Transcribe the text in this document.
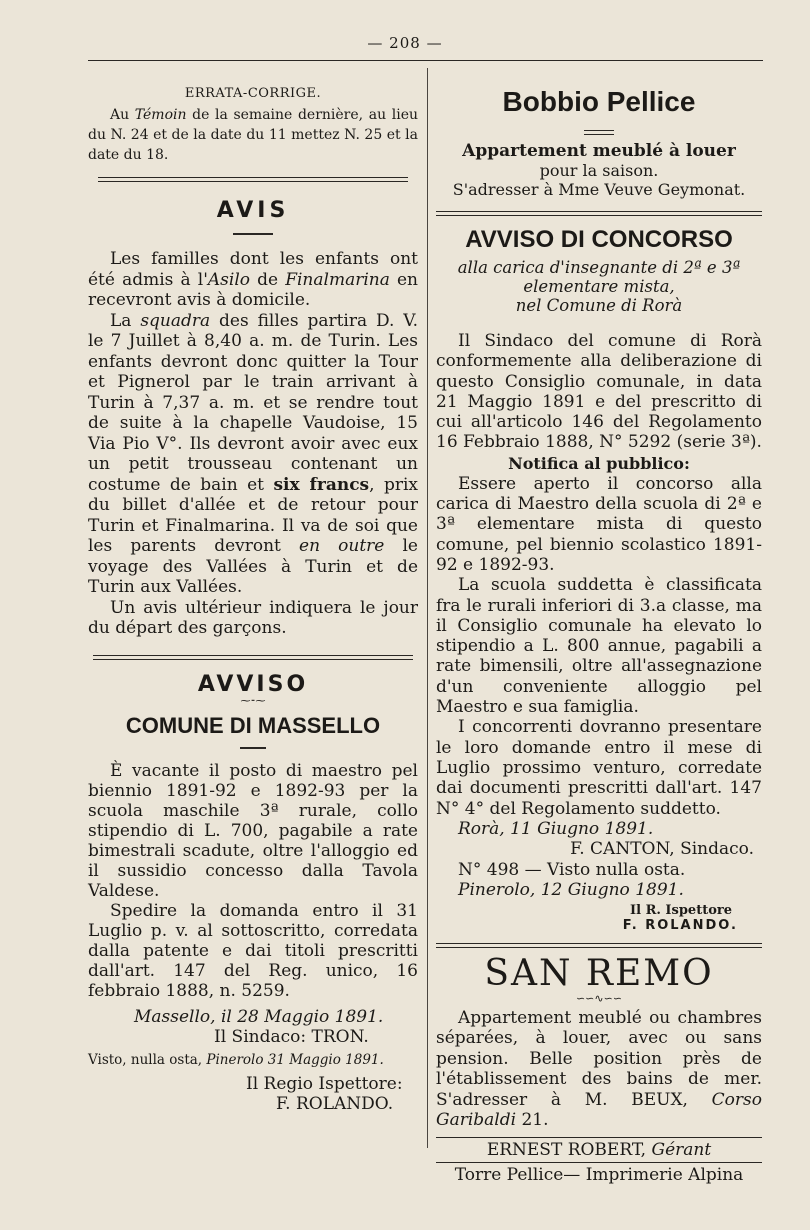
— 208 —

ERRATA-CORRIGE.

Au Témoin de la semaine dernière, au lieu du N. 24 et de la date du 11 mettez N. 25 et la date du 18.

AVIS

Les familles dont les enfants ont été admis à l'Asilo de Finalmarina en recevront avis à domicile.

La squadra des filles partira D. V. le 7 Juillet à 8,40 a. m. de Turin. Les enfants devront donc quitter la Tour et Pignerol par le train arrivant à Turin à 7,37 a. m. et se rendre tout de suite à la chapelle Vaudoise, 15 Via Pio V°. Ils devront avoir avec eux un petit trousseau contenant un costume de bain et six francs, prix du billet d'allée et de retour pour Turin et Finalmarina. Il va de soi que les parents devront en outre le voyage des Vallées à Turin et de Turin aux Vallées.

Un avis ultérieur indiquera le jour du départ des garçons.

AVVISO

⁓⁃⁓

COMUNE DI MASSELLO

È vacante il posto di maestro pel biennio 1891-92 e 1892-93 per la scuola maschile 3ª rurale, collo stipendio di L. 700, pagabile a rate bimestrali scadute, oltre l'alloggio ed il sussidio concesso dalla Tavola Valdese.

Spedire la domanda entro il 31 Luglio p. v. al sottoscritto, corredata dalla patente e dai titoli prescritti dall'art. 147 del Reg. unico, 16 febbraio 1888, n. 5259.

Massello, il 28 Maggio 1891.

Il Sindaco: TRON.

Visto, nulla osta, Pinerolo 31 Maggio 1891.

Il Regio Ispettore:

F. ROLANDO.

Bobbio Pellice

Appartement meublé à louer

pour la saison.

S'adresser à Mme Veuve Geymonat.

AVVISO DI CONCORSO

alla carica d'insegnante di 2ª e 3ª

elementare mista,

nel Comune di Rorà

Il Sindaco del comune di Rorà conformemente alla deliberazione di questo Consiglio comunale, in data 21 Maggio 1891 e del prescritto di cui all'articolo 146 del Regolamento 16 Febbraio 1888, N° 5292 (serie 3ª).

Notifica al pubblico:

Essere aperto il concorso alla carica di Maestro della scuola di 2ª e 3ª elementare mista di questo comune, pel biennio scolastico 1891-92 e 1892-93.

La scuola suddetta è classificata fra le rurali inferiori di 3.a classe, ma il Consiglio comunale ha elevato lo stipendio a L. 800 annue, pagabili a rate bimensili, oltre all'assegnazione d'un conveniente alloggio pel Maestro e sua famiglia.

I concorrenti dovranno presentare le loro domande entro il mese di Luglio prossimo venturo, corredate dai documenti prescritti dall'art. 147 N° 4° del Regolamento suddetto.

Rorà, 11 Giugno 1891.

F. CANTON, Sindaco.

N° 498 — Visto nulla osta.

Pinerolo, 12 Giugno 1891.

Il R. Ispettore

F. ROLANDO.

SAN REMO

∽∽∿∽∽

Appartement meublé ou chambres séparées, à louer, avec ou sans pension. Belle position près de l'établissement des bains de mer. S'adresser à M. BEUX, Corso Garibaldi 21.

ERNEST ROBERT, Gérant

Torre Pellice— Imprimerie Alpina
